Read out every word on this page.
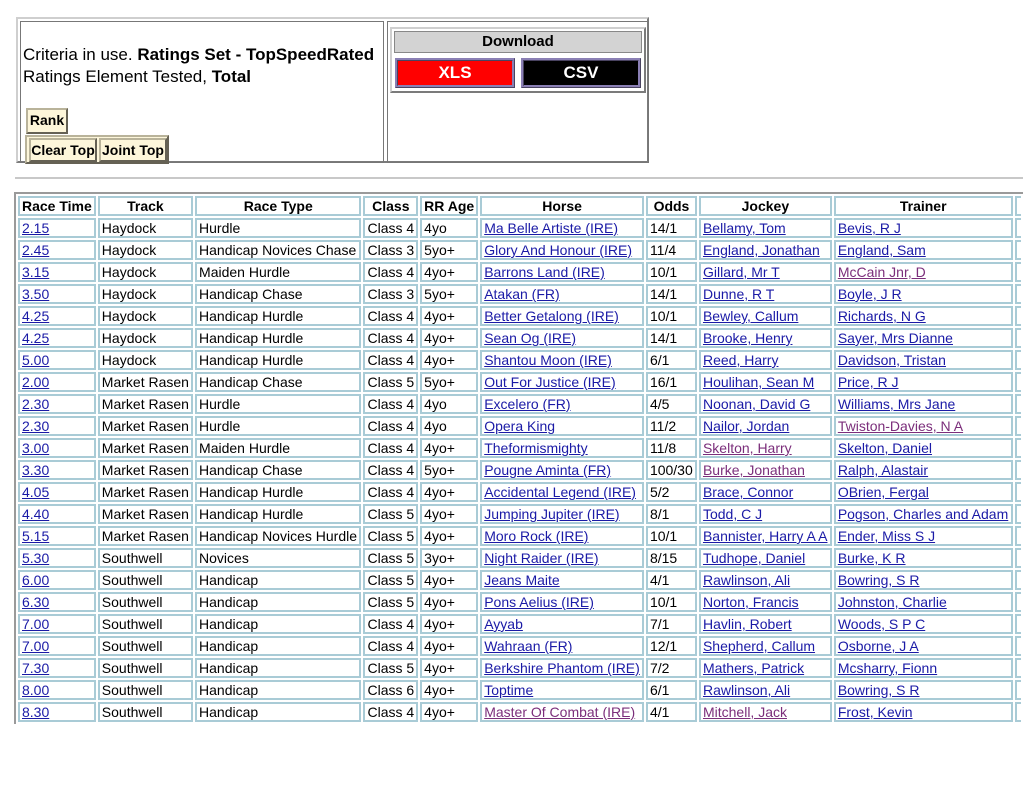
Criteria in use. Ratings Set - TopSpeedRated
Ratings Element Tested, Total
Rank
Clear Top Joint Top
Download
XLS	CSV
Race Time	Track	Race Type	Class	RR Age	Horse	Odds	Jockey	Trainer	
2.15	Haydock	Hurdle	Class 4	4yo	Ma Belle Artiste (IRE)	14/1	Bellamy, Tom	Bevis, R J	
2.45	Haydock	Handicap Novices Chase	Class 3	5yo+	Glory And Honour (IRE)	11/4	England, Jonathan	England, Sam	
3.15	Haydock	Maiden Hurdle	Class 4	4yo+	Barrons Land (IRE)	10/1	Gillard, Mr T	McCain Jnr, D	
3.50	Haydock	Handicap Chase	Class 3	5yo+	Atakan (FR)	14/1	Dunne, R T	Boyle, J R	
4.25	Haydock	Handicap Hurdle	Class 4	4yo+	Better Getalong (IRE)	10/1	Bewley, Callum	Richards, N G	
4.25	Haydock	Handicap Hurdle	Class 4	4yo+	Sean Og (IRE)	14/1	Brooke, Henry	Sayer, Mrs Dianne	
5.00	Haydock	Handicap Hurdle	Class 4	4yo+	Shantou Moon (IRE)	6/1	Reed, Harry	Davidson, Tristan	
2.00	Market Rasen	Handicap Chase	Class 5	5yo+	Out For Justice (IRE)	16/1	Houlihan, Sean M	Price, R J	
2.30	Market Rasen	Hurdle	Class 4	4yo	Excelero (FR)	4/5	Noonan, David G	Williams, Mrs Jane	
2.30	Market Rasen	Hurdle	Class 4	4yo	Opera King	11/2	Nailor, Jordan	Twiston-Davies, N A	
3.00	Market Rasen	Maiden Hurdle	Class 4	4yo+	Theformismighty	11/8	Skelton, Harry	Skelton, Daniel	
3.30	Market Rasen	Handicap Chase	Class 4	5yo+	Pougne Aminta (FR)	100/30	Burke, Jonathan	Ralph, Alastair	
4.05	Market Rasen	Handicap Hurdle	Class 4	4yo+	Accidental Legend (IRE)	5/2	Brace, Connor	OBrien, Fergal	
4.40	Market Rasen	Handicap Hurdle	Class 5	4yo+	Jumping Jupiter (IRE)	8/1	Todd, C J	Pogson, Charles and Adam	
5.15	Market Rasen	Handicap Novices Hurdle	Class 5	4yo+	Moro Rock (IRE)	10/1	Bannister, Harry A A	Ender, Miss S J	
5.30	Southwell	Novices	Class 5	3yo+	Night Raider (IRE)	8/15	Tudhope, Daniel	Burke, K R	
6.00	Southwell	Handicap	Class 5	4yo+	Jeans Maite	4/1	Rawlinson, Ali	Bowring, S R	
6.30	Southwell	Handicap	Class 5	4yo+	Pons Aelius (IRE)	10/1	Norton, Francis	Johnston, Charlie	
7.00	Southwell	Handicap	Class 4	4yo+	Ayyab	7/1	Havlin, Robert	Woods, S P C	
7.00	Southwell	Handicap	Class 4	4yo+	Wahraan (FR)	12/1	Shepherd, Callum	Osborne, J A	
7.30	Southwell	Handicap	Class 5	4yo+	Berkshire Phantom (IRE)	7/2	Mathers, Patrick	Mcsharry, Fionn	
8.00	Southwell	Handicap	Class 6	4yo+	Toptime	6/1	Rawlinson, Ali	Bowring, S R	
8.30	Southwell	Handicap	Class 4	4yo+	Master Of Combat (IRE)	4/1	Mitchell, Jack	Frost, Kevin	
